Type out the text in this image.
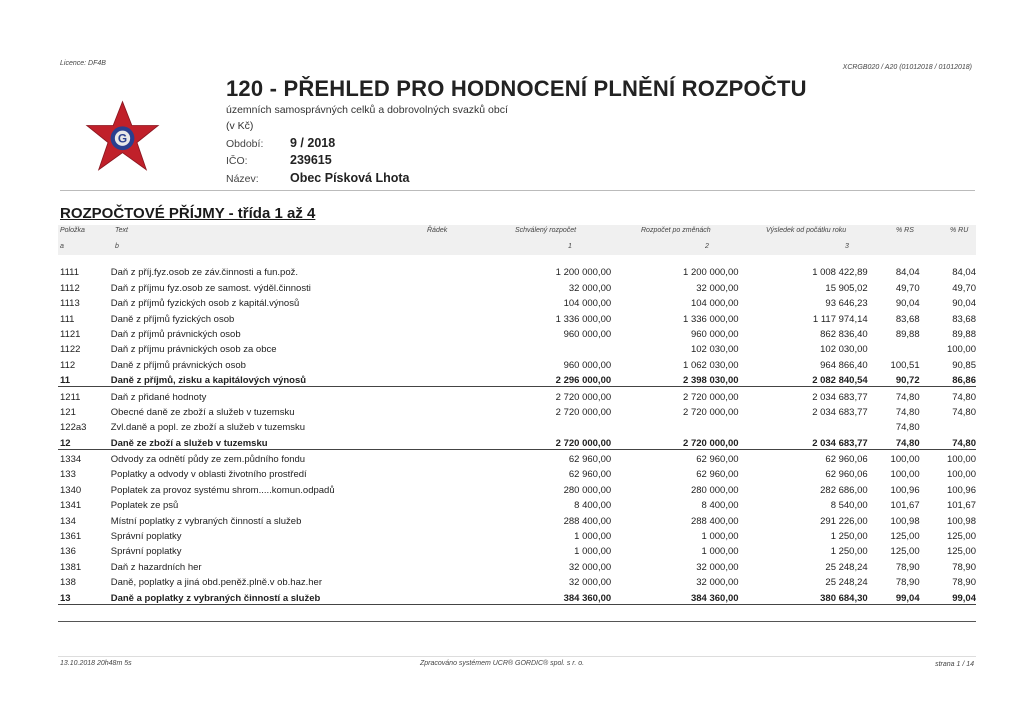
Licence: DF4B
XCRGB020 / A20 (01012018 / 01012018)
G
120 - PŘEHLED PRO HODNOCENÍ PLNĚNÍ ROZPOČTU
územních samosprávných celků a dobrovolných svazků obcí
(v Kč)
Období: 9 / 2018
IČO:	239615
Název:	Obec Písková Lhota
ROZPOČTOVÉ PŘÍJMY - třída 1 až 4
Položka
a
Text
b
Řádek	Schválený rozpočet
1
Rozpočet po změnách
2
Výsledek od počátku roku
3
% RS	% RU
1111	Daň z příj.fyz.osob ze záv.činnosti a fun.pož.	1 200 000,00	1 200 000,00	1 008 422,89	84,04	84,04
1112	Daň z příjmu fyz.osob ze samost. výděl.činnosti	32 000,00	32 000,00	15 905,02	49,70	49,70
1113	Daň z příjmů fyzických osob z kapitál.výnosů	104 000,00	104 000,00	93 646,23	90,04	90,04
111	Daně z příjmů fyzických osob	1 336 000,00	1 336 000,00	1 117 974,14	83,68	83,68
1121	Daň z příjmů právnických osob	960 000,00	960 000,00	862 836,40	89,88	89,88
1122	Daň z příjmu právnických osob za obce		102 030,00	102 030,00		100,00
112	Daně z příjmů právnických osob	960 000,00	1 062 030,00	964 866,40	100,51	90,85
11	Daně z příjmů, zisku a kapitálových výnosů	2 296 000,00	2 398 030,00	2 082 840,54	90,72	86,86
1211	Daň z přidané hodnoty	2 720 000,00	2 720 000,00	2 034 683,77	74,80	74,80
121	Obecné daně ze zboží a služeb v tuzemsku	2 720 000,00	2 720 000,00	2 034 683,77	74,80	74,80
122a3	Zvl.daně a popl. ze zboží a služeb v tuzemsku				74,80	
12	Daně ze zboží a služeb v tuzemsku	2 720 000,00	2 720 000,00	2 034 683,77	74,80	74,80
1334	Odvody za odnětí půdy ze zem.půdního fondu	62 960,00	62 960,00	62 960,06	100,00	100,00
133	Poplatky a odvody v oblasti životního prostředí	62 960,00	62 960,00	62 960,06	100,00	100,00
1340	Poplatek za provoz systému shrom.....komun.odpadů	280 000,00	280 000,00	282 686,00	100,96	100,96
1341	Poplatek ze psů	8 400,00	8 400,00	8 540,00	101,67	101,67
134	Místní poplatky z vybraných činností a služeb	288 400,00	288 400,00	291 226,00	100,98	100,98
1361	Správní poplatky	1 000,00	1 000,00	1 250,00	125,00	125,00
136	Správní poplatky	1 000,00	1 000,00	1 250,00	125,00	125,00
1381	Daň z hazardních her	32 000,00	32 000,00	25 248,24	78,90	78,90
138	Daně, poplatky a jiná obd.peněž.plně.v ob.haz.her	32 000,00	32 000,00	25 248,24	78,90	78,90
13	Daně a poplatky z vybraných činností a služeb	384 360,00	384 360,00	380 684,30	99,04	99,04
13.10.2018 20h48m 5s	Zpracováno systémem UCR® GORDIC® spol. s r. o.	strana 1 / 14
